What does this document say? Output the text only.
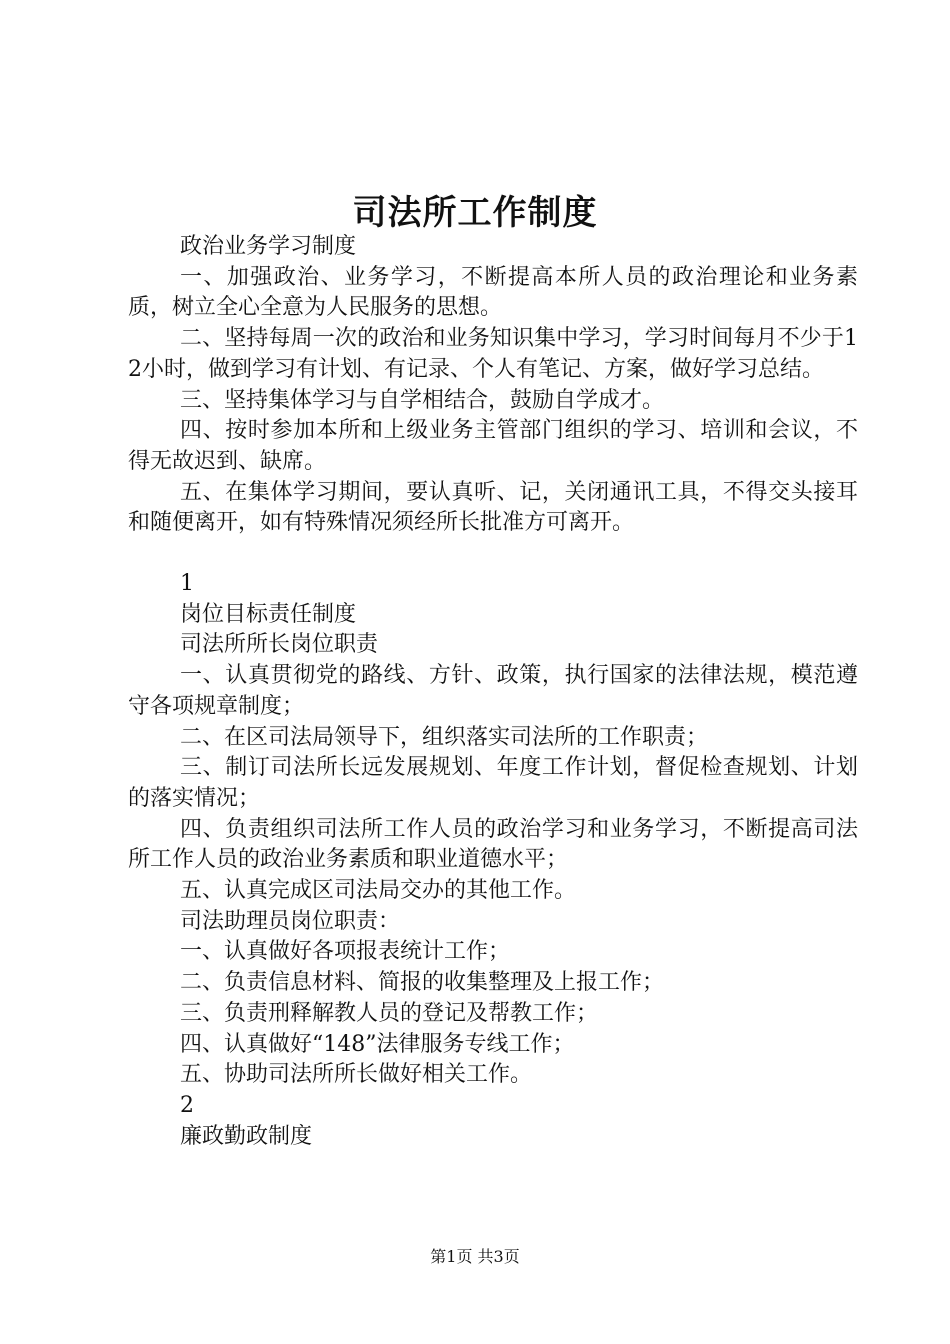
司法所工作制度

政治业务学习制度

一、加强政治、业务学习，不断提高本所人员的政治理论和业务素质，树立全心全意为人民服务的思想。

二、坚持每周一次的政治和业务知识集中学习，学习时间每月不少于12小时，做到学习有计划、有记录、个人有笔记、方案，做好学习总结。

三、坚持集体学习与自学相结合，鼓励自学成才。

四、按时参加本所和上级业务主管部门组织的学习、培训和会议，不得无故迟到、缺席。

五、在集体学习期间，要认真听、记，关闭通讯工具，不得交头接耳和随便离开，如有特殊情况须经所长批准方可离开。

1

岗位目标责任制度

司法所所长岗位职责

一、认真贯彻党的路线、方针、政策，执行国家的法律法规，模范遵守各项规章制度；

二、在区司法局领导下，组织落实司法所的工作职责；

三、制订司法所长远发展规划、年度工作计划，督促检查规划、计划的落实情况；

四、负责组织司法所工作人员的政治学习和业务学习，不断提高司法所工作人员的政治业务素质和职业道德水平；

五、认真完成区司法局交办的其他工作。

司法助理员岗位职责：

一、认真做好各项报表统计工作；

二、负责信息材料、简报的收集整理及上报工作；

三、负责刑释解教人员的登记及帮教工作；

四、认真做好“148”法律服务专线工作；

五、协助司法所所长做好相关工作。

2

廉政勤政制度

第1页 共3页
